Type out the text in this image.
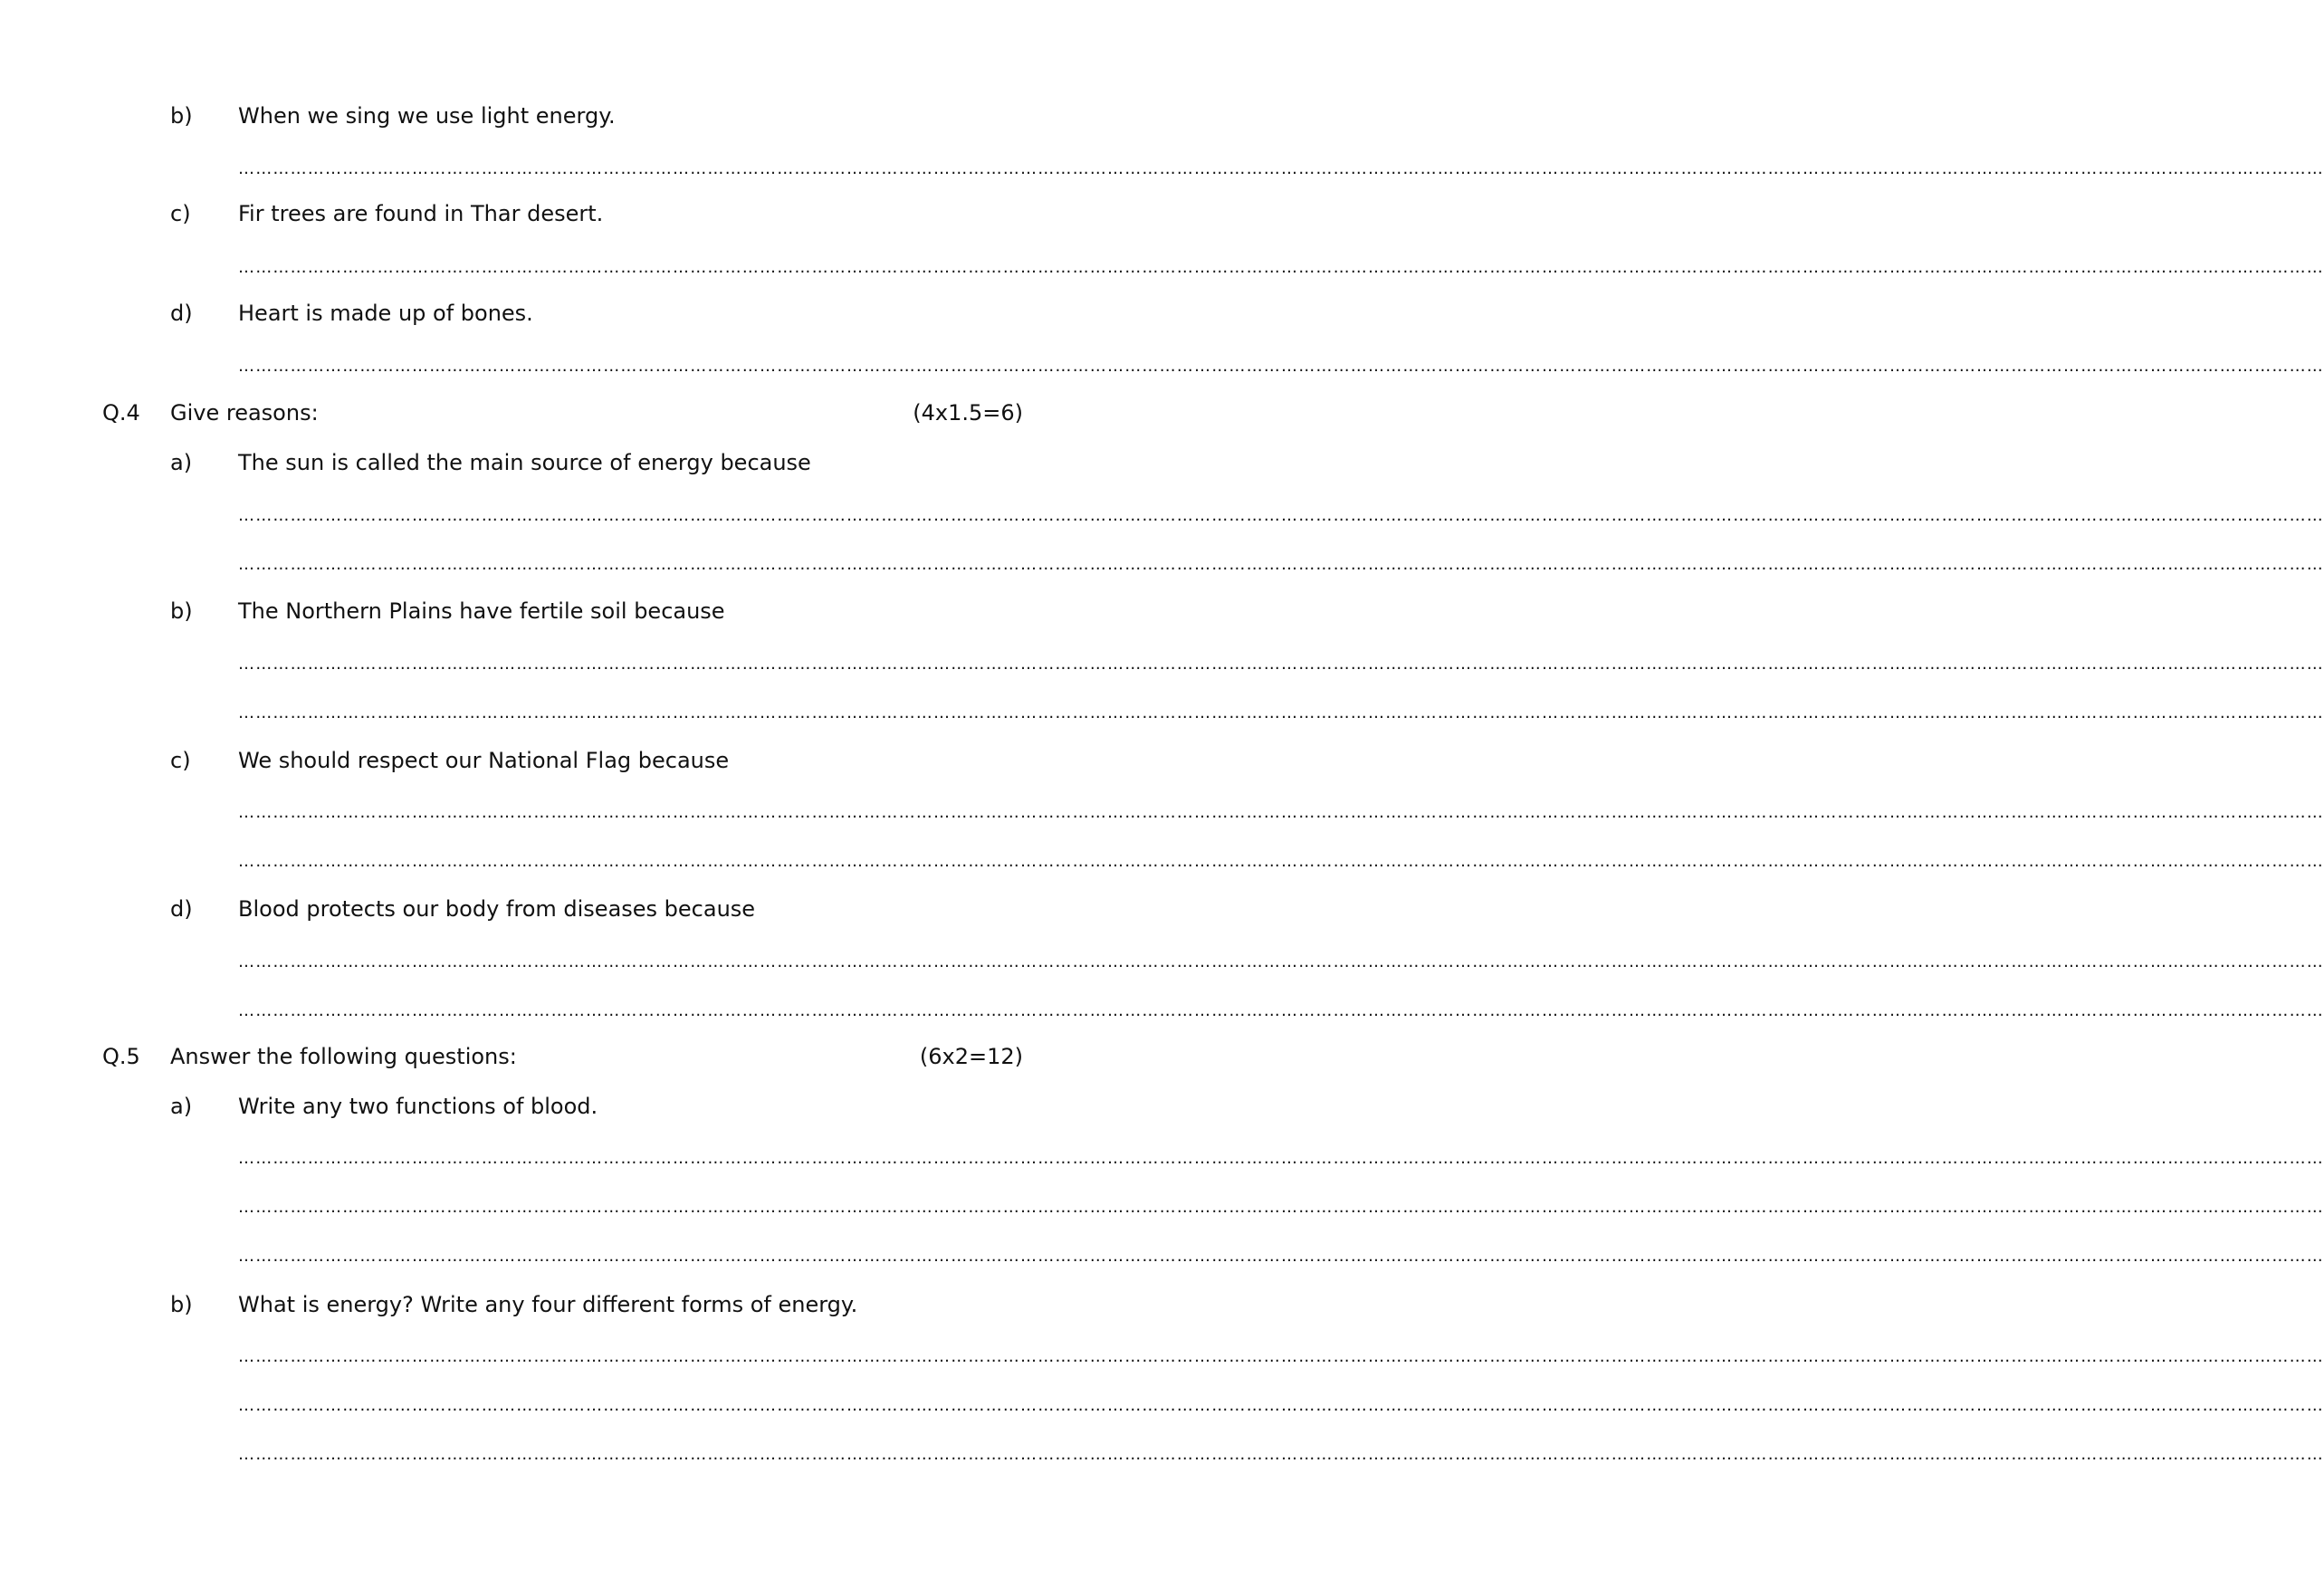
b) When we sing we use light energy.
………………………………………………………………………………………………………………………………………………………………………………………………………………………………………………………………………………………………………………………………
c) Fir trees are found in Thar desert.
………………………………………………………………………………………………………………………………………………………………………………………………………………………………………………………………………………………………………………………………
d) Heart is made up of bones.
………………………………………………………………………………………………………………………………………………………………………………………………………………………………………………………………………………………………………………………………
Q.4 Give reasons:	(4x1.5=6)
a) The sun is called the main source of energy because
………………………………………………………………………………………………………………………………………………………………………………………………………………………………………………………………………………………………………………………………
………………………………………………………………………………………………………………………………………………………………………………………………………………………………………………………………………………………………………………………………
b) The Northern Plains have fertile soil because
………………………………………………………………………………………………………………………………………………………………………………………………………………………………………………………………………………………………………………………………
………………………………………………………………………………………………………………………………………………………………………………………………………………………………………………………………………………………………………………………………
c) We should respect our National Flag because
………………………………………………………………………………………………………………………………………………………………………………………………………………………………………………………………………………………………………………………………
………………………………………………………………………………………………………………………………………………………………………………………………………………………………………………………………………………………………………………………………
d) Blood protects our body from diseases because
………………………………………………………………………………………………………………………………………………………………………………………………………………………………………………………………………………………………………………………………
………………………………………………………………………………………………………………………………………………………………………………………………………………………………………………………………………………………………………………………………
Q.5 Answer the following questions:	(6x2=12)
a) Write any two functions of blood.
………………………………………………………………………………………………………………………………………………………………………………………………………………………………………………………………………………………………………………………………
………………………………………………………………………………………………………………………………………………………………………………………………………………………………………………………………………………………………………………………………
………………………………………………………………………………………………………………………………………………………………………………………………………………………………………………………………………………………………………………………………
b) What is energy? Write any four different forms of energy.
………………………………………………………………………………………………………………………………………………………………………………………………………………………………………………………………………………………………………………………………
………………………………………………………………………………………………………………………………………………………………………………………………………………………………………………………………………………………………………………………………
………………………………………………………………………………………………………………………………………………………………………………………………………………………………………………………………………………………………………………………………
